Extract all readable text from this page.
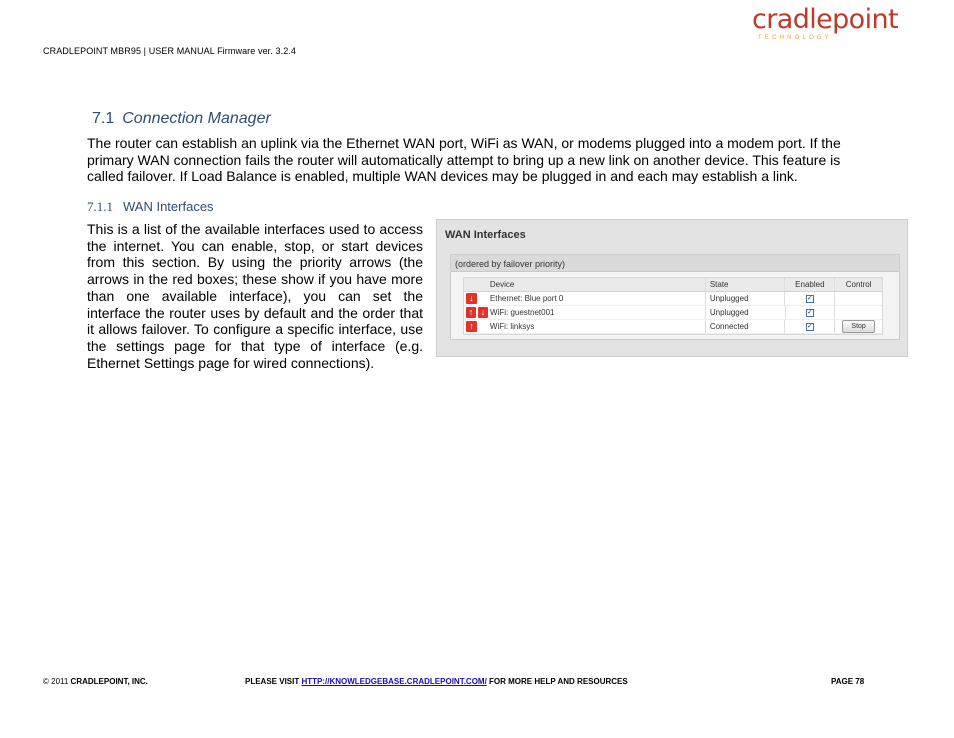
CRADLEPOINT MBR95 | USER MANUAL Firmware ver. 3.2.4
cradlepoint
TECHNOLOGY
7.1 Connection Manager

The router can establish an uplink via the Ethernet WAN port, WiFi as WAN, or modems plugged into a modem port. If the primary WAN connection fails the router will automatically attempt to bring up a new link on another device. This feature is called failover. If Load Balance is enabled, multiple WAN devices may be plugged in and each may establish a link.

7.1.1 WAN Interfaces

This is a list of the available interfaces used to access the internet. You can enable, stop, or start devices from this section. By using the priority arrows (the arrows in the red boxes; these show if you have more than one available interface), you can set the interface the router uses by default and the order that it allows failover. To configure a specific interface, use the settings page for that type of interface (e.g. Ethernet Settings page for wired connections).

WAN Interfaces
(ordered by failover priority)
Device	State	Enabled	Control
↓	Ethernet: Blue port 0	Unplugged	✓
↑ ↓ WiFi: guestnet001	Unplugged	✓
↑	WiFi: linksys	Connected	✓	Stop
© 2011 CRADLEPOINT, INC.	PLEASE VISIT HTTP://KNOWLEDGEBASE.CRADLEPOINT.COM/ FOR MORE HELP AND RESOURCES	PAGE 78
